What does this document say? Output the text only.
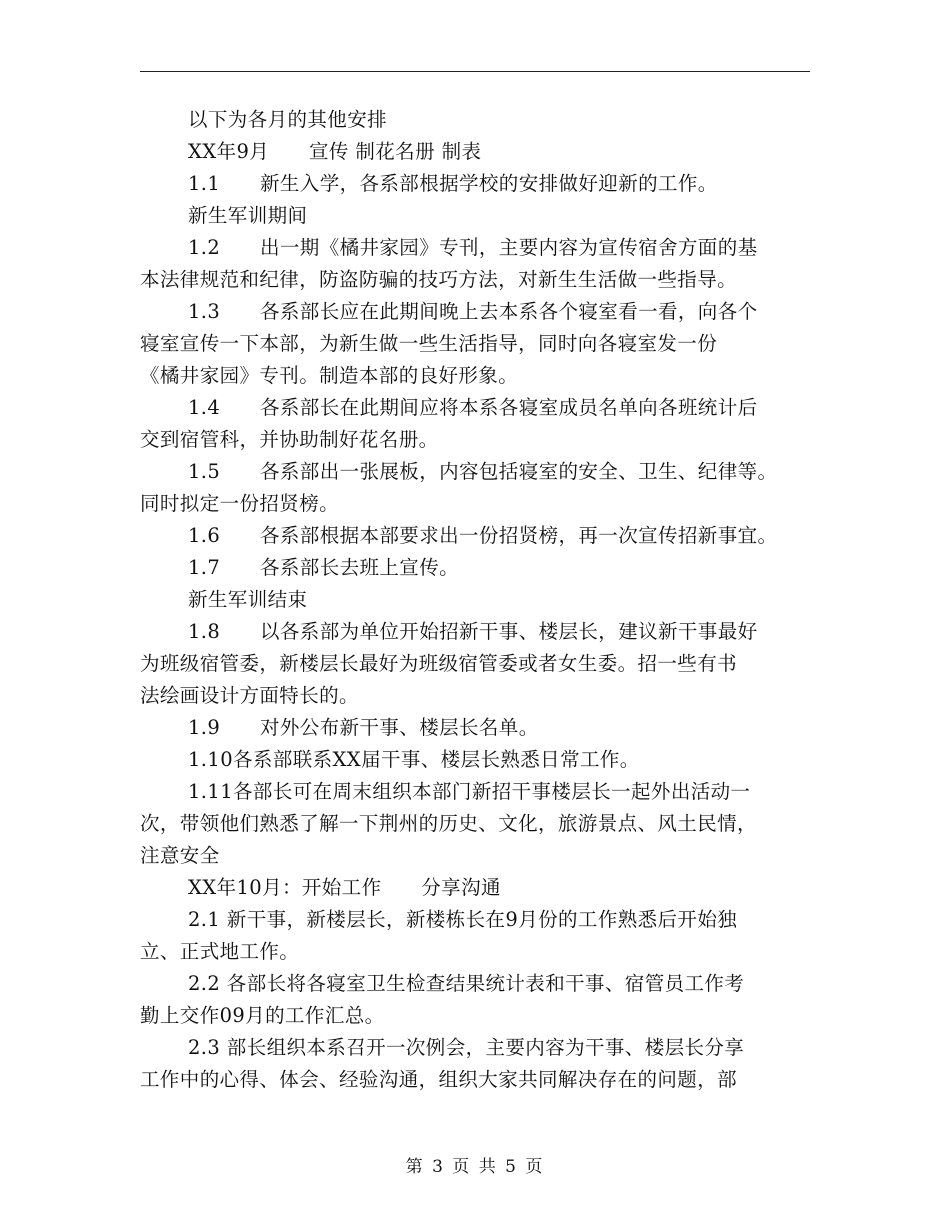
以下为各月的其他安排
XX年9月　　宣传 制花名册 制表
1.1　　新生入学，各系部根据学校的安排做好迎新的工作。
新生军训期间
1.2　　出一期《橘井家园》专刊，主要内容为宣传宿舍方面的基
本法律规范和纪律，防盗防骗的技巧方法，对新生生活做一些指导。
1.3　　各系部长应在此期间晚上去本系各个寝室看一看，向各个
寝室宣传一下本部，为新生做一些生活指导，同时向各寝室发一份
《橘井家园》专刊。制造本部的良好形象。
1.4　　各系部长在此期间应将本系各寝室成员名单向各班统计后
交到宿管科，并协助制好花名册。
1.5　　各系部出一张展板，内容包括寝室的安全、卫生、纪律等。
同时拟定一份招贤榜。
1.6　　各系部根据本部要求出一份招贤榜，再一次宣传招新事宜。
1.7　　各系部长去班上宣传。
新生军训结束
1.8　　以各系部为单位开始招新干事、楼层长，建议新干事最好
为班级宿管委，新楼层长最好为班级宿管委或者女生委。招一些有书
法绘画设计方面特长的。
1.9　　对外公布新干事、楼层长名单。
1.10各系部联系XX届干事、楼层长熟悉日常工作。
1.11各部长可在周末组织本部门新招干事楼层长一起外出活动一
次，带领他们熟悉了解一下荆州的历史、文化，旅游景点、风土民情，
注意安全
XX年10月：开始工作　　分享沟通
2.1 新干事，新楼层长，新楼栋长在9月份的工作熟悉后开始独
立、正式地工作。
2.2 各部长将各寝室卫生检查结果统计表和干事、宿管员工作考
勤上交作09月的工作汇总。
2.3 部长组织本系召开一次例会，主要内容为干事、楼层长分享
工作中的心得、体会、经验沟通，组织大家共同解决存在的问题，部
第 3 页 共 5 页
